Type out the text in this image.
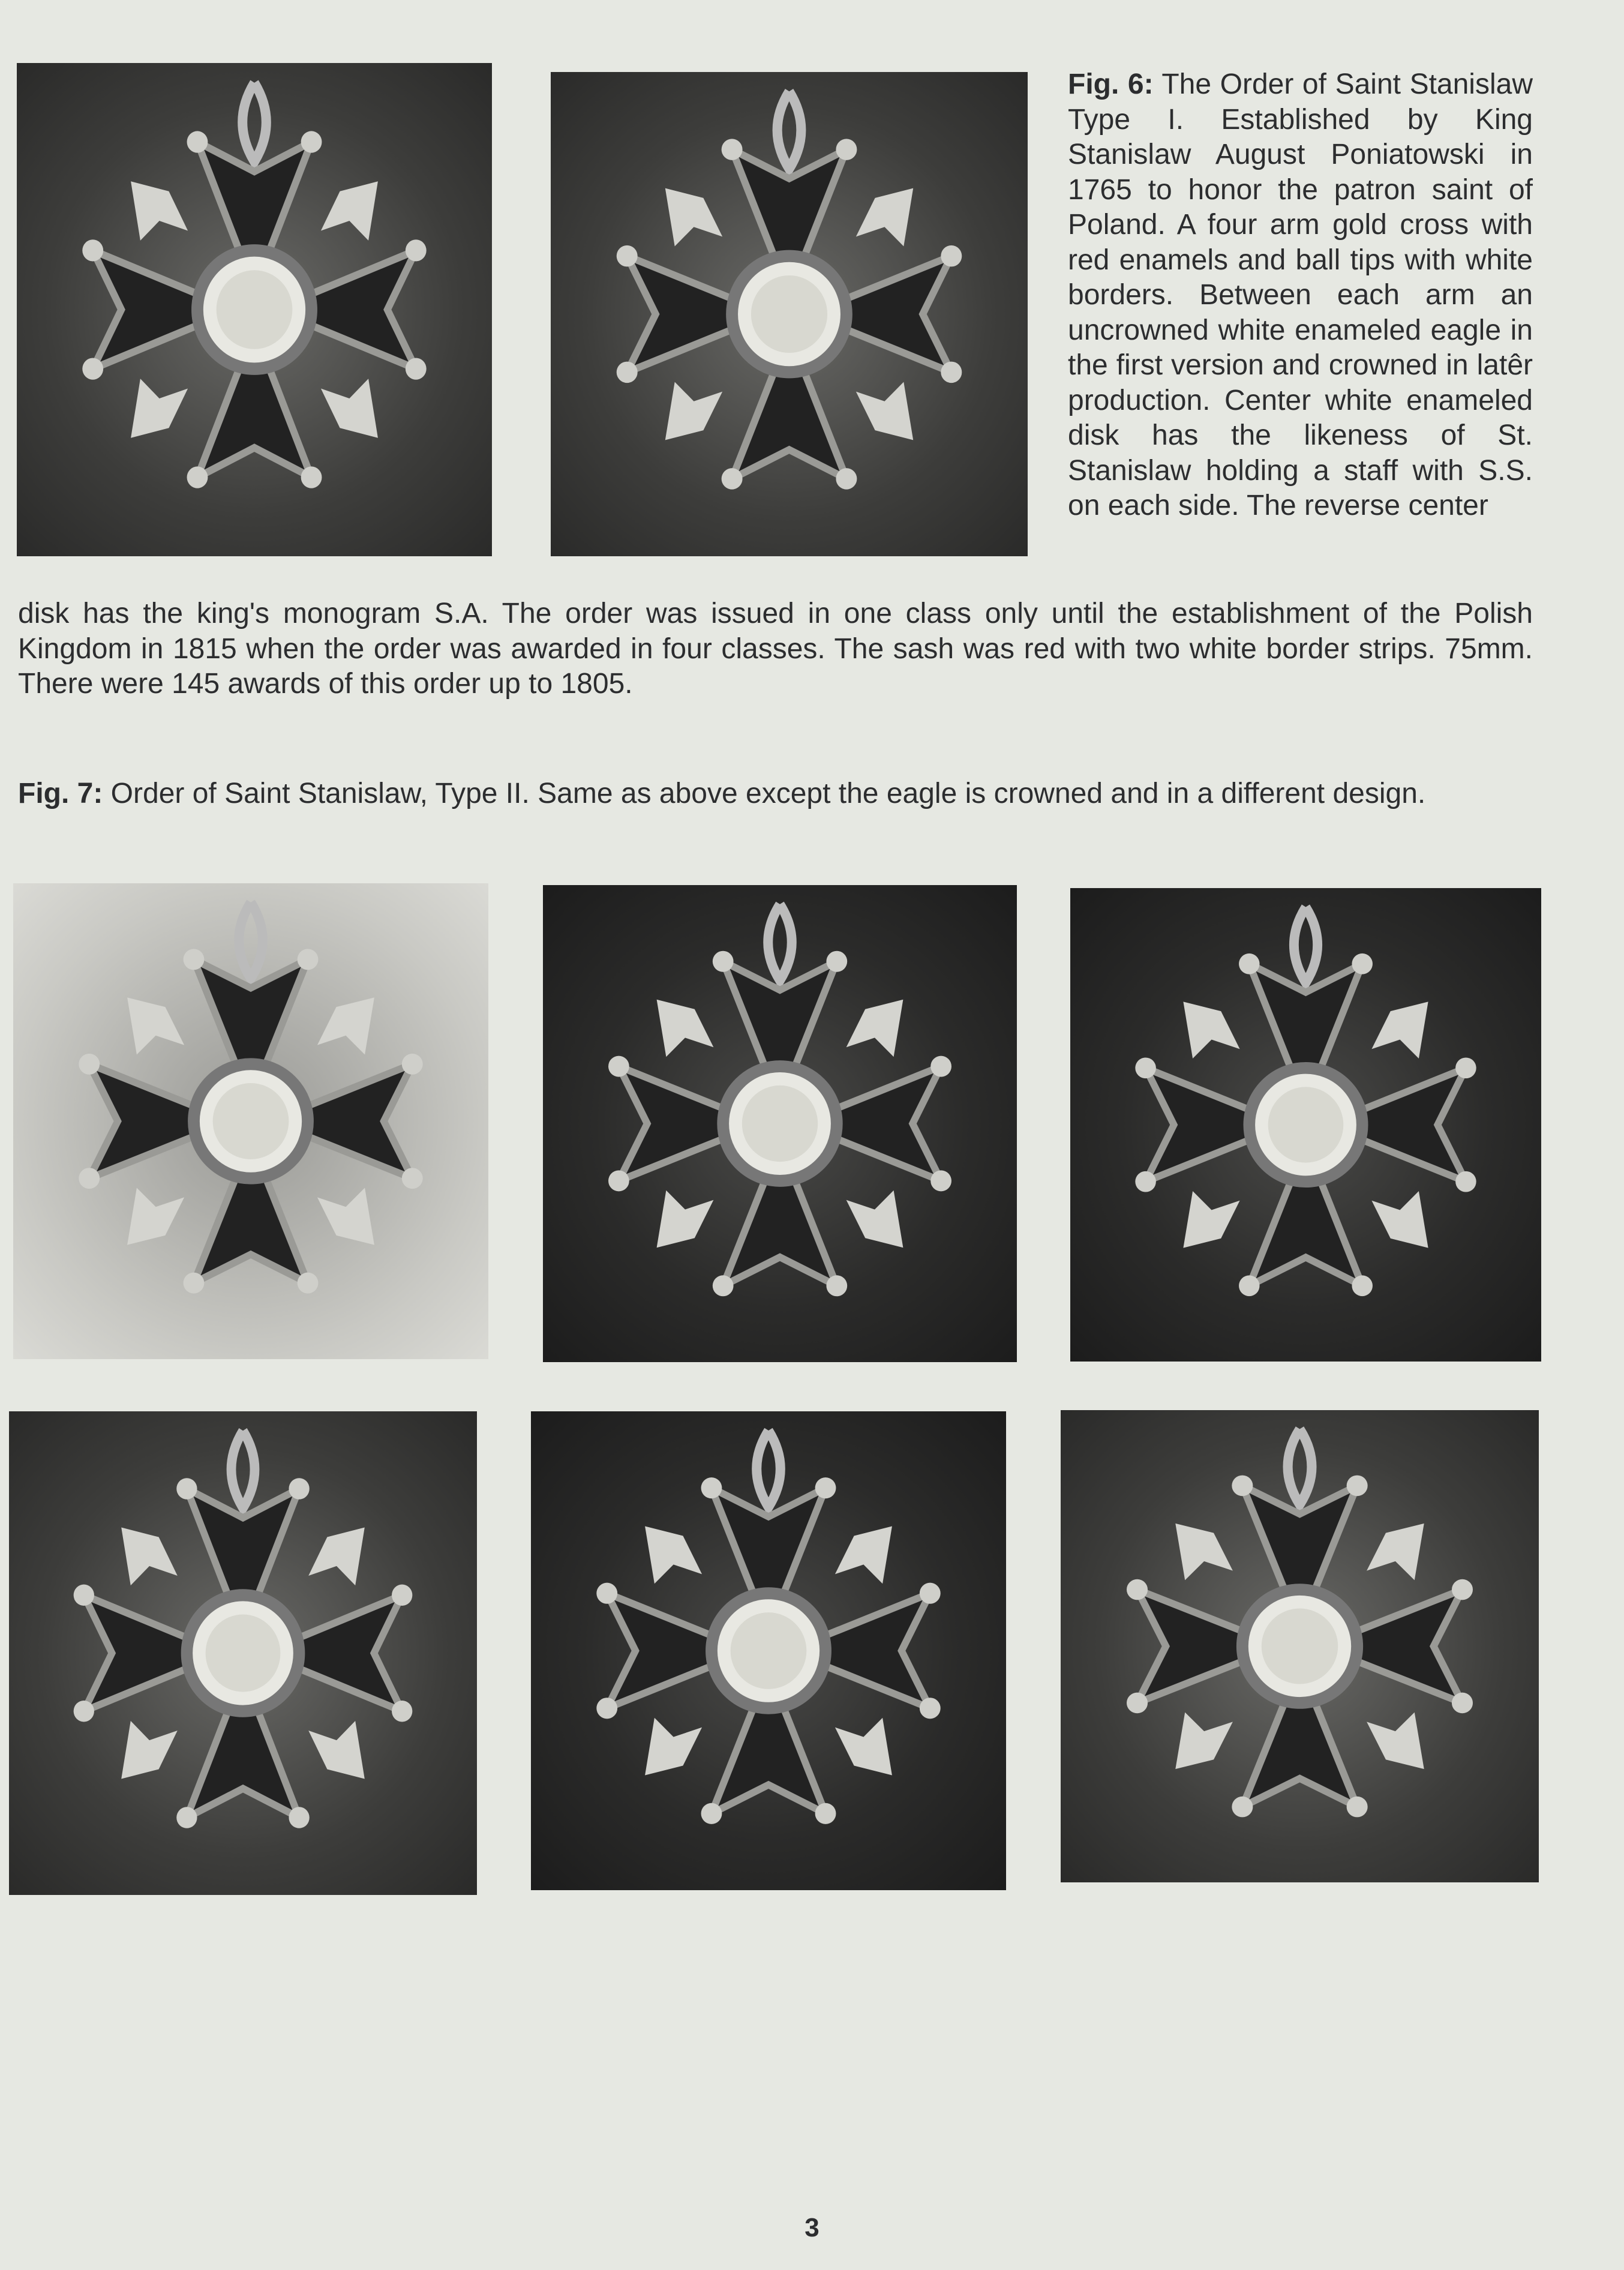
Fig. 6: The Order of Saint Stanislaw Type I. Established by King Stanislaw August Poniatowski in 1765 to honor the patron saint of Poland. A four arm gold cross with red enamels and ball tips with white borders. Between each arm an uncrowned white enameled eagle in the first version and crowned in latêr production. Center white enameled disk has the likeness of St. Stanislaw holding a staff with S.S. on each side. The reverse center

disk has the king's monogram S.A. The order was issued in one class only until the establishment of the Polish Kingdom in 1815 when the order was awarded in four classes. The sash was red with two white border strips. 75mm. There were 145 awards of this order up to 1805.

Fig. 7: Order of Saint Stanislaw, Type II. Same as above except the eagle is crowned and in a different design.

3
